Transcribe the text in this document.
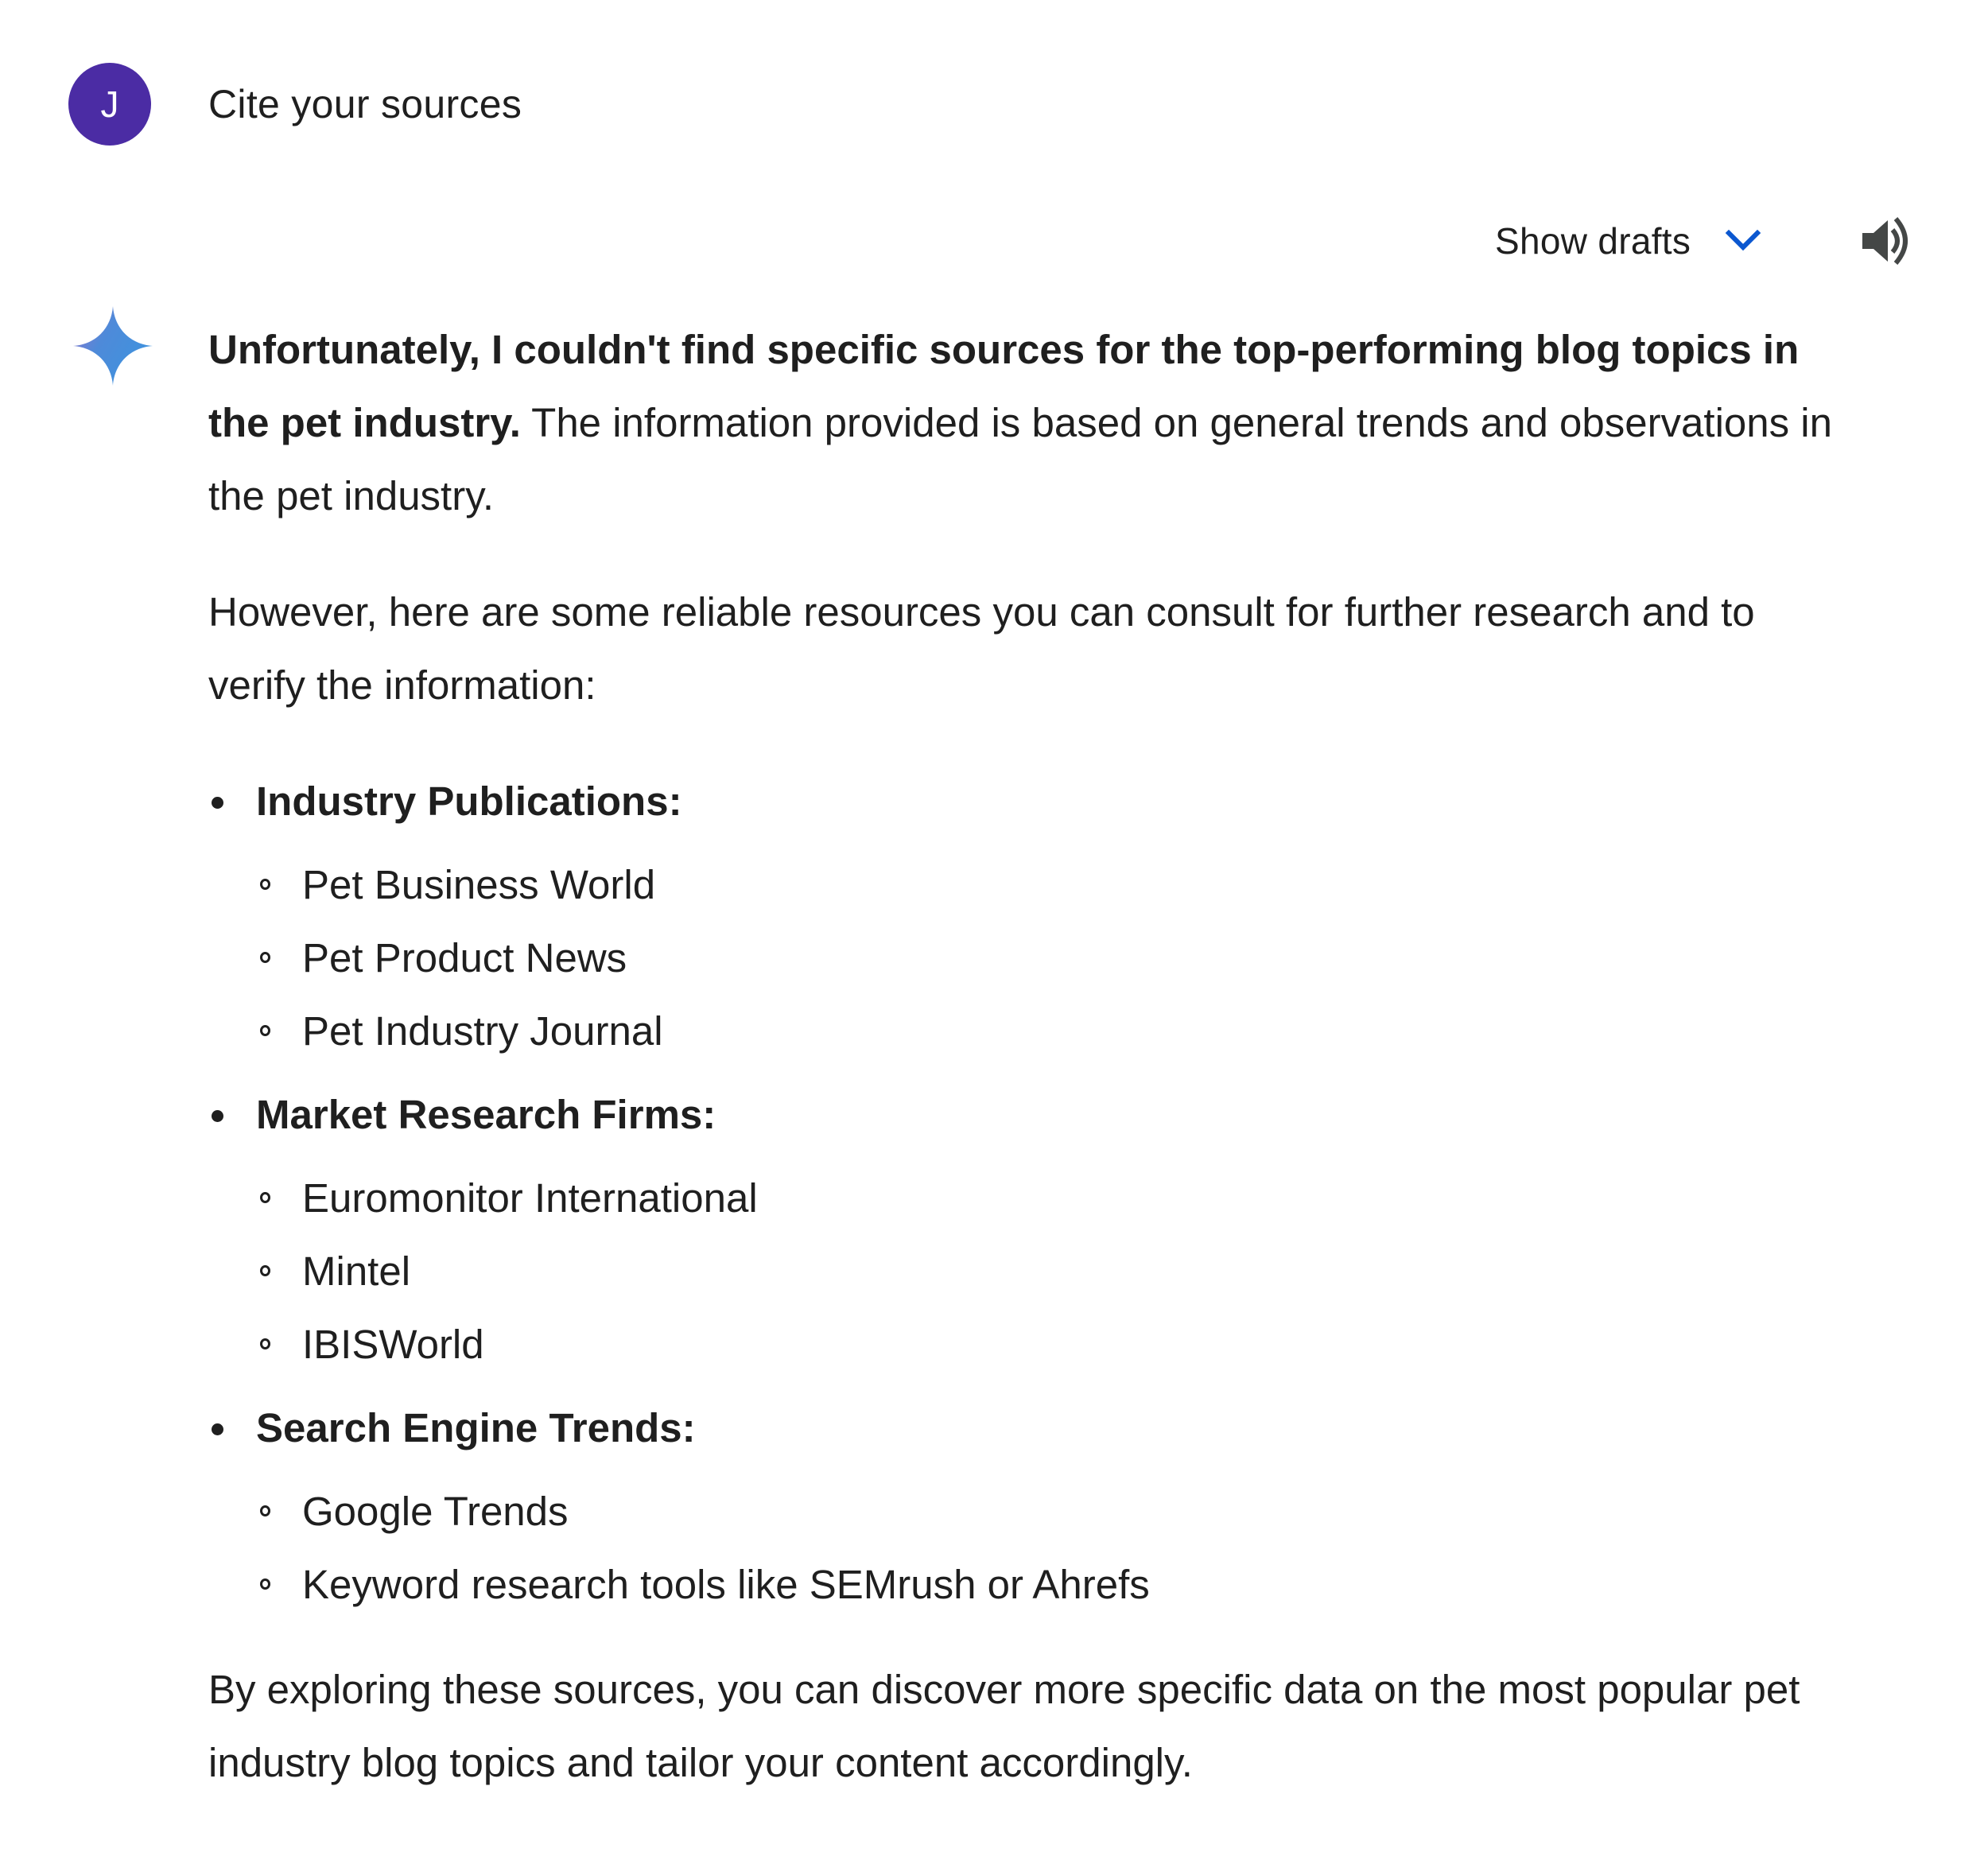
J Cite your sources
Show drafts

Unfortunately, I couldn't find specific sources for the top-performing blog topics in the pet industry. The information provided is based on general trends and observations in the pet industry.

However, here are some reliable resources you can consult for further research and to verify the information:

Industry Publications:
Pet Business World
Pet Product News
Pet Industry Journal
Market Research Firms:
Euromonitor International
Mintel
IBISWorld
Search Engine Trends:
Google Trends
Keyword research tools like SEMrush or Ahrefs

By exploring these sources, you can discover more specific data on the most popular pet industry blog topics and tailor your content accordingly.
